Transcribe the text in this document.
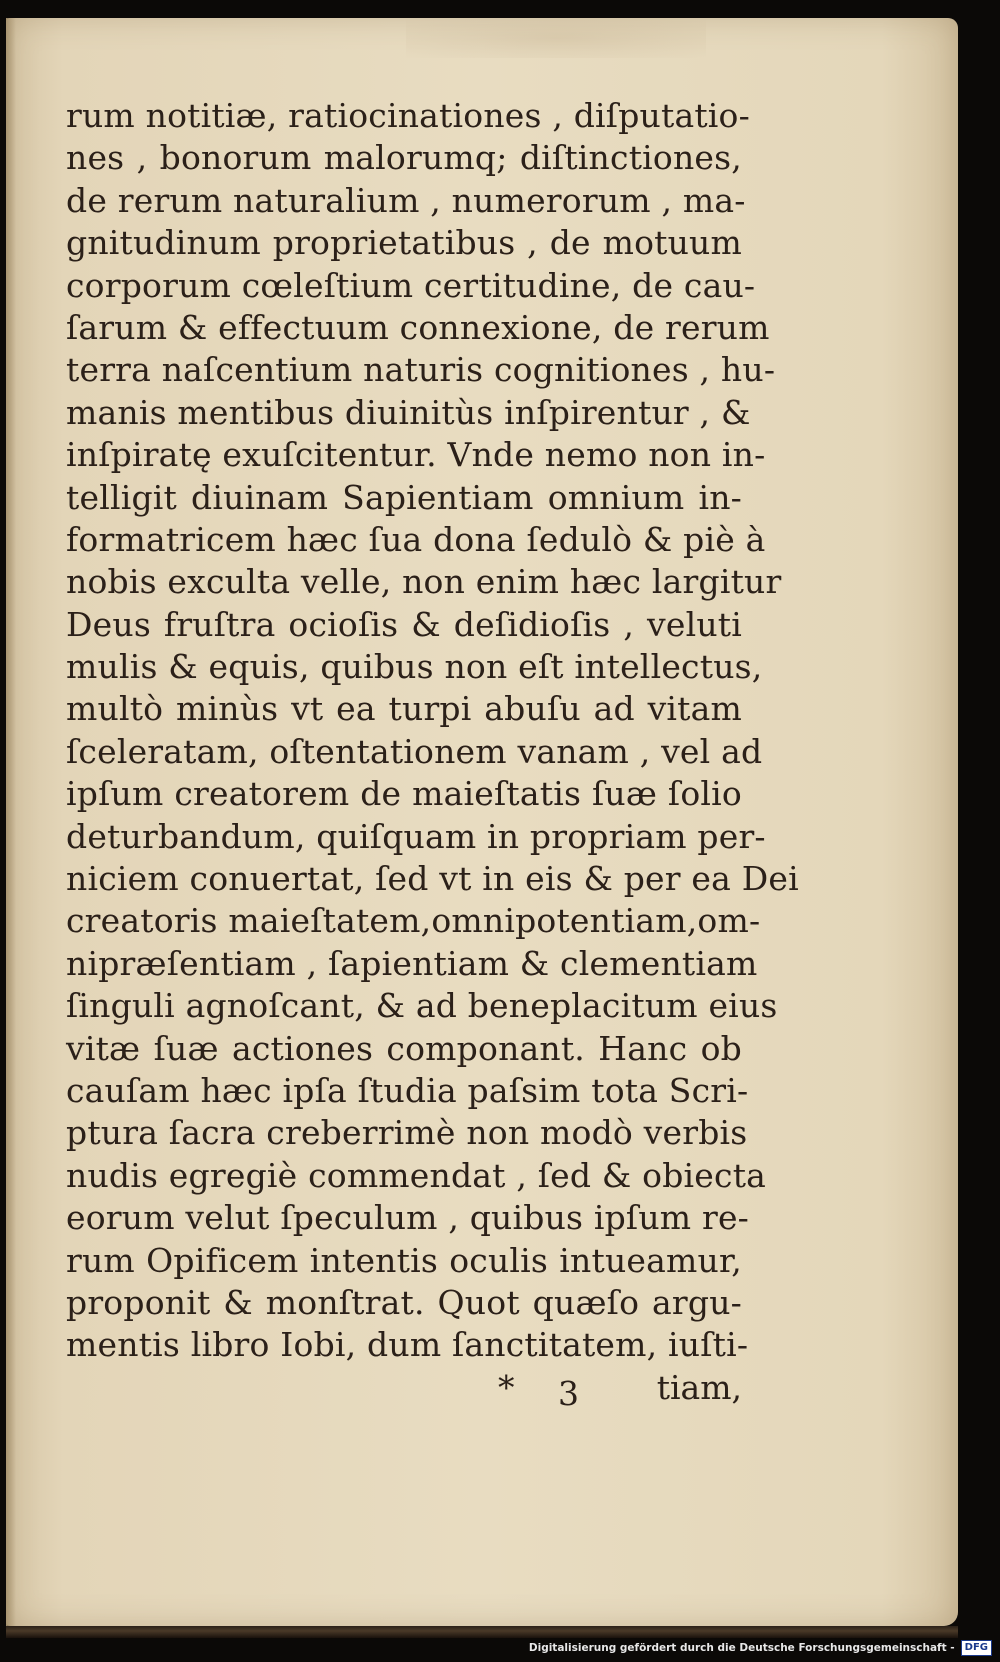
rum notitiæ, ratiocinationes , diſputatio-
nes , bonorum malorumq; diſtinctiones,
de rerum naturalium , numerorum , ma-
gnitudinum proprietatibus , de motuum
corporum cœleſtium certitudine, de cau-
ſarum & effectuum connexione, de rerum
terra naſcentium naturis cognitiones , hu-
manis mentibus diuinitùs inſpirentur , &
inſpiratę exuſcitentur. Vnde nemo non in-
telligit diuinam Sapientiam omnium in-
formatricem hæc ſua dona ſedulò & piè à
nobis exculta velle, non enim hæc largitur
Deus fruſtra ocioſis & deſidioſis , veluti
mulis & equis, quibus non eſt intellectus,
multò minùs vt ea turpi abuſu ad vitam
ſceleratam, oſtentationem vanam , vel ad
ipſum creatorem de maieſtatis ſuæ ſolio
deturbandum, quiſquam in propriam per-
niciem conuertat, ſed vt in eis & per ea Dei
creatoris maieſtatem,omnipotentiam,om-
nipræſentiam , ſapientiam & clementiam
ſinguli agnoſcant, & ad beneplacitum eius
vitæ ſuæ actiones componant. Hanc ob
cauſam hæc ipſa ſtudia paſsim tota Scri-
ptura ſacra creberrimè non modò verbis
nudis egregiè commendat , ſed & obiecta
eorum velut ſpeculum , quibus ipſum re-
rum Opificem intentis oculis intueamur,
proponit & monſtrat. Quot quæſo argu-
mentis libro Iobi, dum ſanctitatem, iuſti-
* 3 tiam,
Digitalisierung gefördert durch die Deutsche Forschungsgemeinschaft -	DFG
